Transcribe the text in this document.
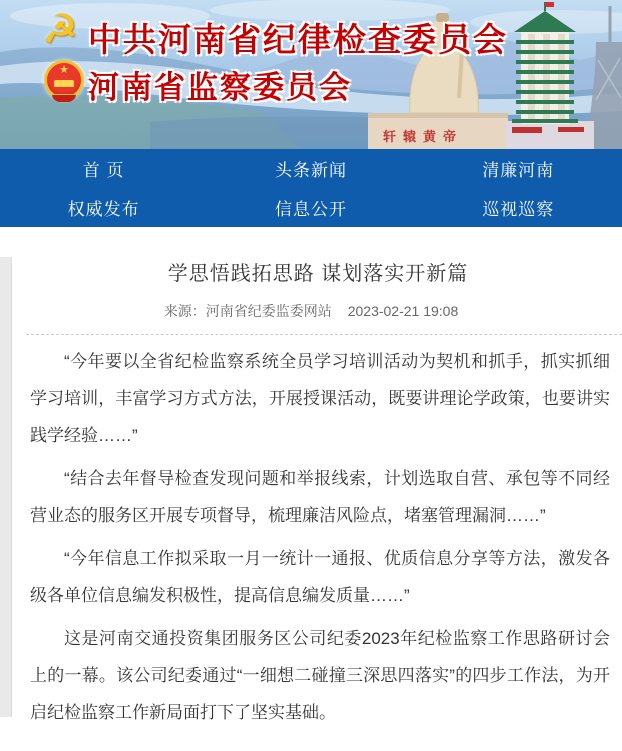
☭
★
中共河南省纪律检查委员会
河南省监察委员会
轩辕黄帝
首 页	头条新闻	清廉河南
权威发布	信息公开	巡视巡察
学思悟践拓思路 谋划落实开新篇
来源：河南省纪委监委网站 2023-02-21 19:08

“今年要以全省纪检监察系统全员学习培训活动为契机和抓手，抓实抓细学习培训，丰富学习方式方法，开展授课活动，既要讲理论学政策，也要讲实践学经验……”

“结合去年督导检查发现问题和举报线索，计划选取自营、承包等不同经营业态的服务区开展专项督导，梳理廉洁风险点，堵塞管理漏洞……”

“今年信息工作拟采取一月一统计一通报、优质信息分享等方法，激发各级各单位信息编发积极性，提高信息编发质量……”

这是河南交通投资集团服务区公司纪委2023年纪检监察工作思路研讨会上的一幕。该公司纪委通过“一细想二碰撞三深思四落实”的四步工作法，为开启纪检监察工作新局面打下了坚实基础。
